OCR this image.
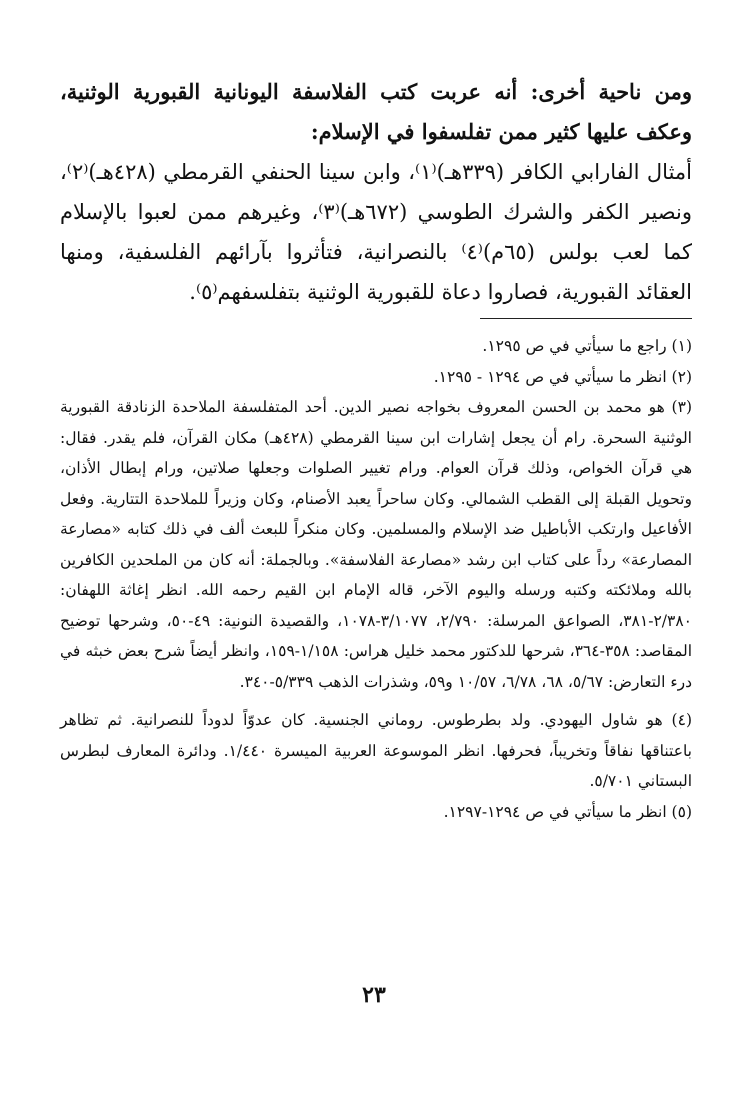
ومن ناحية أخرى: أنه عربت كتب الفلاسفة اليونانية القبورية الوثنية، وعكف عليها كثير ممن تفلسفوا في الإسلام:

أمثال الفارابي الكافر (٣٣٩هـ)⁽١⁾، وابن سينا الحنفي القرمطي (٤٢٨هـ)⁽٢⁾، ونصير الكفر والشرك الطوسي (٦٧٢هـ)⁽٣⁾، وغيرهم ممن لعبوا بالإسلام كما لعب بولس (٦٥م)⁽٤⁾ بالنصرانية، فتأثروا بآرائهم الفلسفية، ومنها العقائد القبورية، فصاروا دعاة للقبورية الوثنية بتفلسفهم⁽٥⁾.

(١) راجع ما سيأتي في ص ١٢٩٥.

(٢) انظر ما سيأتي في ص ١٢٩٤ - ١٢٩٥.

(٣) هو محمد بن الحسن المعروف بخواجه نصير الدين. أحد المتفلسفة الملاحدة الزنادقة القبورية الوثنية السحرة. رام أن يجعل إشارات ابن سينا القرمطي (٤٢٨هـ) مكان القرآن، فلم يقدر. فقال: هي قرآن الخواص، وذلك قرآن العوام. ورام تغيير الصلوات وجعلها صلاتين، ورام إبطال الأذان، وتحويل القبلة إلى القطب الشمالي. وكان ساحراً يعبد الأصنام، وكان وزيراً للملاحدة التتارية. وفعل الأفاعيل وارتكب الأباطيل ضد الإسلام والمسلمين. وكان منكراً للبعث ألف في ذلك كتابه «مصارعة المصارعة» رداً على كتاب ابن رشد «مصارعة الفلاسفة». وبالجملة: أنه كان من الملحدين الكافرين بالله وملائكته وكتبه ورسله واليوم الآخر، قاله الإمام ابن القيم رحمه الله. انظر إغاثة اللهفان: ٢/٣٨٠-٣٨١، الصواعق المرسلة: ٢/٧٩٠، ٣/١٠٧٧-١٠٧٨، والقصيدة النونية: ٤٩-٥٠، وشرحها توضيح المقاصد: ٣٥٨-٣٦٤، شرحها للدكتور محمد خليل هراس: ١/١٥٨-١٥٩، وانظر أيضاً شرح بعض خبثه في درء التعارض: ٥/٦٧، ٦٨، ٦/٧٨، ١٠/٥٧ و٥٩، وشذرات الذهب ٥/٣٣٩-٣٤٠.

(٤) هو شاول اليهودي. ولد بطرطوس. روماني الجنسية. كان عدوّاً لدوداً للنصرانية. ثم تظاهر باعتناقها نفاقاً وتخريباً، فحرفها. انظر الموسوعة العربية الميسرة ١/٤٤٠. ودائرة المعارف لبطرس البستاني ٥/٧٠١.

(٥) انظر ما سيأتي في ص ١٢٩٤-١٢٩٧.

٢٣
